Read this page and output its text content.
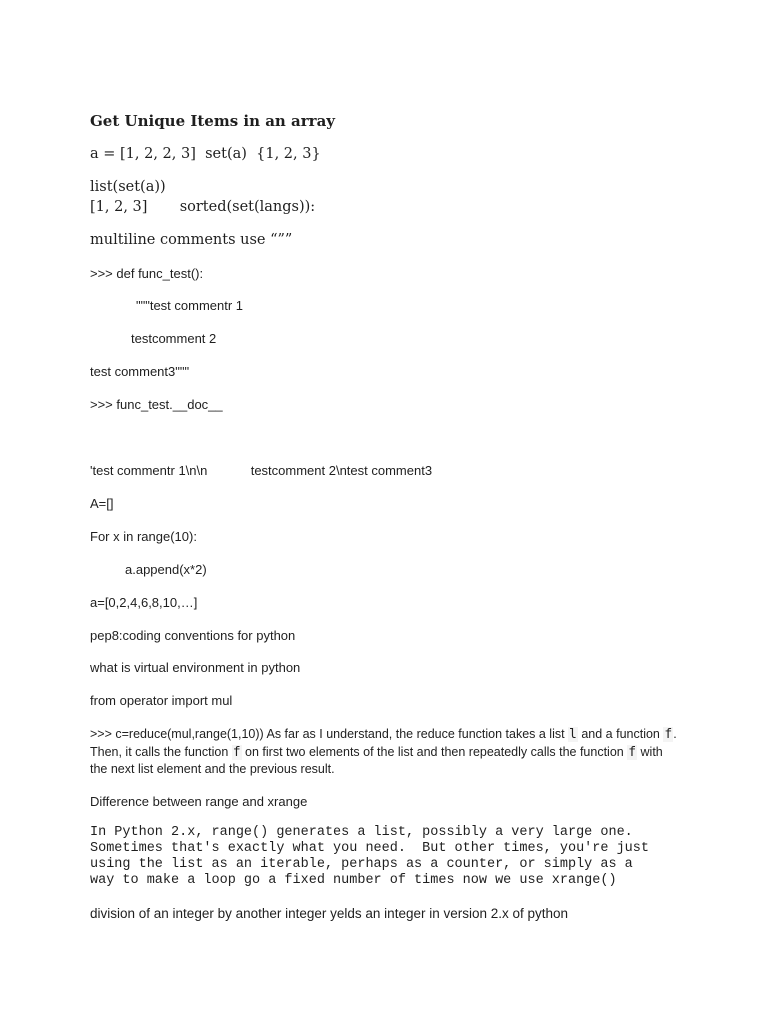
Get Unique Items in an array

a = [1, 2, 2, 3]  set(a)  {1, 2, 3}

list(set(a))

[1, 2, 3]       sorted(set(langs)):

multiline comments use “””

>>> def func_test():

"""test commentr 1

testcomment 2

test comment3"""

>>> func_test.__doc__

'test commentr 1\n\n            testcomment 2\ntest comment3

A=[]

For x in range(10):

a.append(x*2)

a=[0,2,4,6,8,10,…]

pep8:coding conventions for python

what is virtual environment in python

from operator import mul

>>> c=reduce(mul,range(1,10)) As far as I understand, the reduce function takes a list l and a function f. Then, it calls the function f on first two elements of the list and then repeatedly calls the function f with the next list element and the previous result.

Difference between range and xrange

In Python 2.x, range() generates a list, possibly a very large one.
Sometimes that's exactly what you need.  But other times, you're just
using the list as an iterable, perhaps as a counter, or simply as a
way to make a loop go a fixed number of times now we use xrange()

division of an integer by another integer yelds an integer in version 2.x of python
